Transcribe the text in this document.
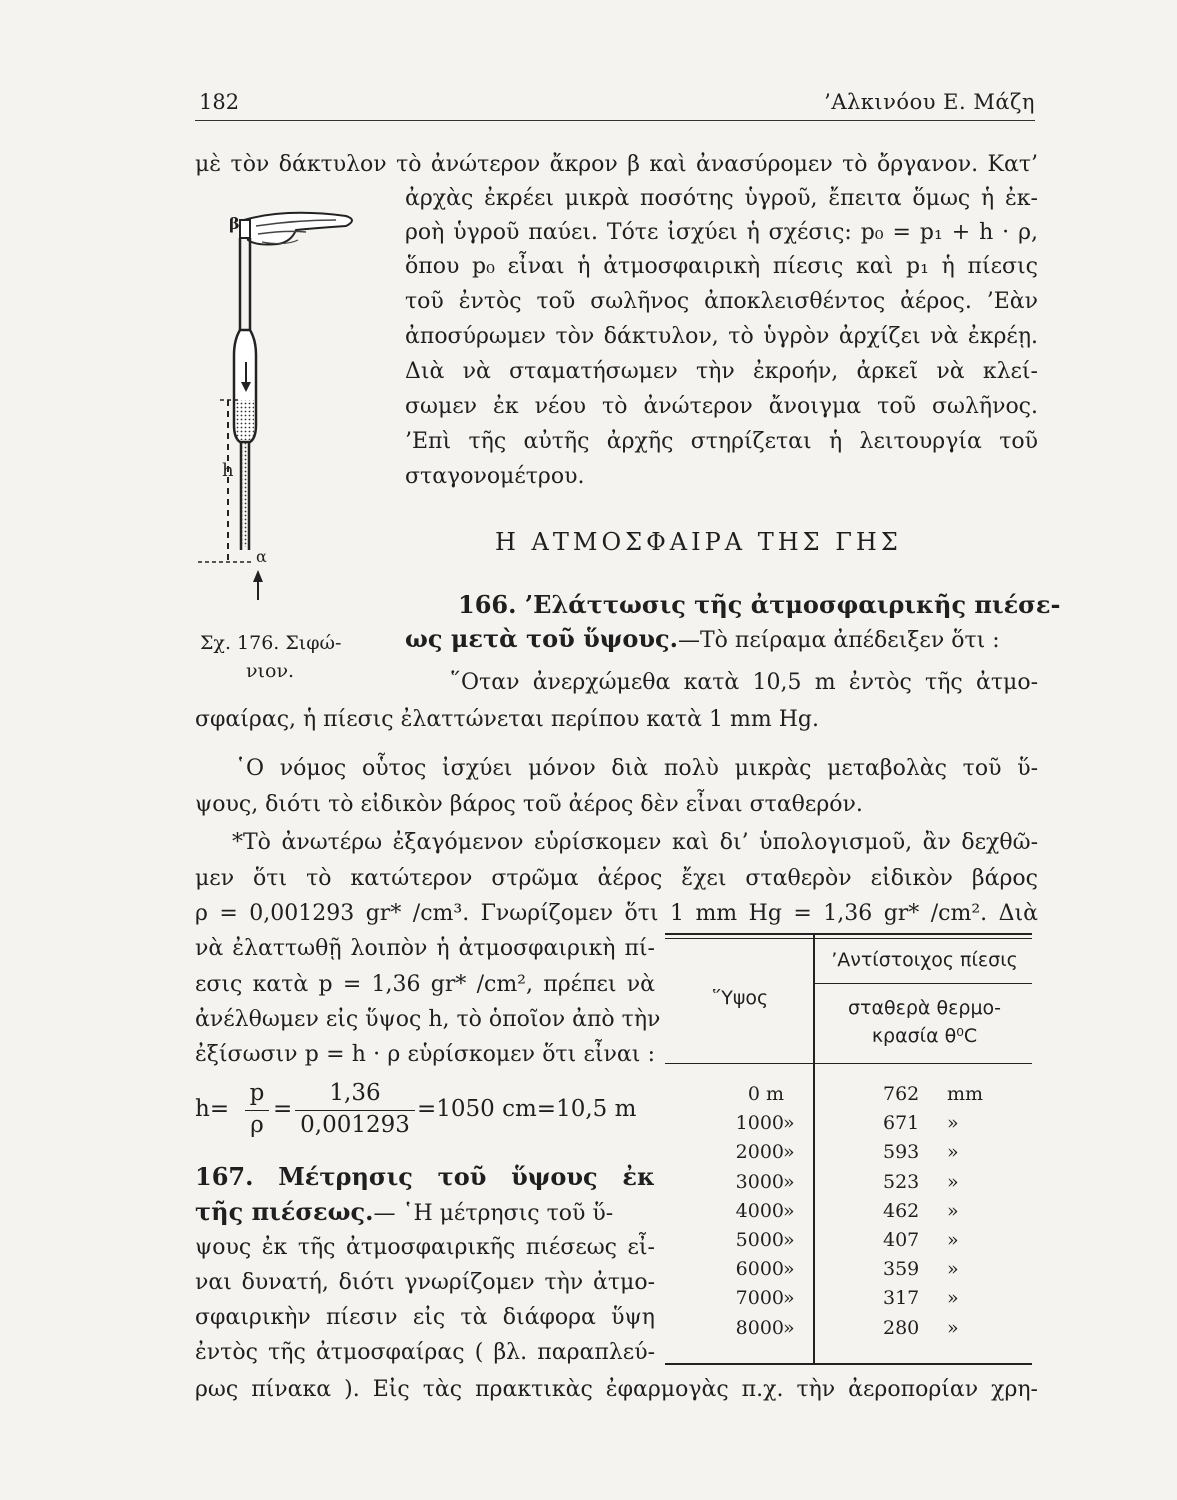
182	’Αλκινόου Ε. Μάζη
μὲ τὸν δάκτυλον τὸ ἀνώτερον ἄκρον β καὶ ἀνασύρομεν τὸ ὄργανον. Κατ’
ἀρχὰς ἐκρέει μικρὰ ποσότης ὑγροῦ, ἔπειτα ὅμως ἡ ἐκ-
ροὴ ὑγροῦ παύει. Τότε ἰσχύει ἡ σχέσις: p₀ = p₁ + h · ρ,
ὅπου p₀ εἶναι ἡ ἀτμοσφαιρικὴ πίεσις καὶ p₁ ἡ πίεσις
τοῦ ἐντὸς τοῦ σωλῆνος ἀποκλεισθέντος ἀέρος. ’Εὰν
ἀποσύρωμεν τὸν δάκτυλον, τὸ ὑγρὸν ἀρχίζει νὰ ἐκρέῃ.
Διὰ νὰ σταματήσωμεν τὴν ἐκροήν, ἀρκεῖ νὰ κλεί-
σωμεν ἐκ νέου τὸ ἀνώτερον ἄνοιγμα τοῦ σωλῆνος.
’Επὶ τῆς αὐτῆς ἀρχῆς στηρίζεται ἡ λειτουργία τοῦ
σταγονομέτρου.
β
h
α
Σχ. 176. Σιφώ-
νιον.
Η ΑΤΜΟΣΦΑΙΡΑ ΤΗΣ ΓΗΣ
166. ’Ελάττωσις τῆς ἀτμοσφαιρικῆς πιέσε-
ως μετὰ τοῦ ὕψους.—Τὸ πείραμα ἀπέδειξεν ὅτι :
῞Οταν ἀνερχώμεθα κατὰ 10,5 m ἐντὸς τῆς ἀτμο-
σφαίρας, ἡ πίεσις ἐλαττώνεται περίπου κατὰ 1 mm Hg.
῾Ο νόμος οὗτος ἰσχύει μόνον διὰ πολὺ μικρὰς μεταβολὰς τοῦ ὕ-
ψους, διότι τὸ εἰδικὸν βάρος τοῦ ἀέρος δὲν εἶναι σταθερόν.
*Τὸ ἀνωτέρω ἐξαγόμενον εὑρίσκομεν καὶ δι’ ὑπολογισμοῦ, ἂν δεχθῶ-
μεν ὅτι τὸ κατώτερον στρῶμα ἀέρος ἔχει σταθερὸν εἰδικὸν βάρος
ρ = 0,001293 gr* /cm³. Γνωρίζομεν ὅτι 1 mm Hg = 1,36 gr* /cm². Διὰ
νὰ ἐλαττωθῇ λοιπὸν ἡ ἀτμοσφαιρικὴ πί-
εσις κατὰ p = 1,36 gr* /cm², πρέπει νὰ
ἀνέλθωμεν εἰς ὕψος h, τὸ ὁποῖον ἀπὸ τὴν
ἐξίσωσιν p = h · ρ εὑρίσκομεν ὅτι εἶναι :
h=
p
ρ
=
1,36
0,001293
=1050 cm=10,5 m
167. Μέτρησις τοῦ ὕψους ἐκ
τῆς πιέσεως.— ῾Η μέτρησις τοῦ ὕ-
ψους ἐκ τῆς ἀτμοσφαιρικῆς πιέσεως εἶ-
ναι δυνατή, διότι γνωρίζομεν τὴν ἀτμο-
σφαιρικὴν πίεσιν εἰς τὰ διάφορα ὕψη
ἐντὸς τῆς ἀτμοσφαίρας ( βλ. παραπλεύ-
ρως πίνακα ). Εἰς τὰς πρακτικὰς ἐφαρμογὰς π.χ. τὴν ἀεροπορίαν χρη-
῞Υψος
’Αντίστοιχος πίεσις
σταθερὰ θερμο-
κρασία θ⁰C
0 m	762 mm
1000 »	671 »
2000 »	593 »
3000 »	523 »
4000 »	462 »
5000 »	407 »
6000 »	359 »
7000 »	317 »
8000 »	280 »
